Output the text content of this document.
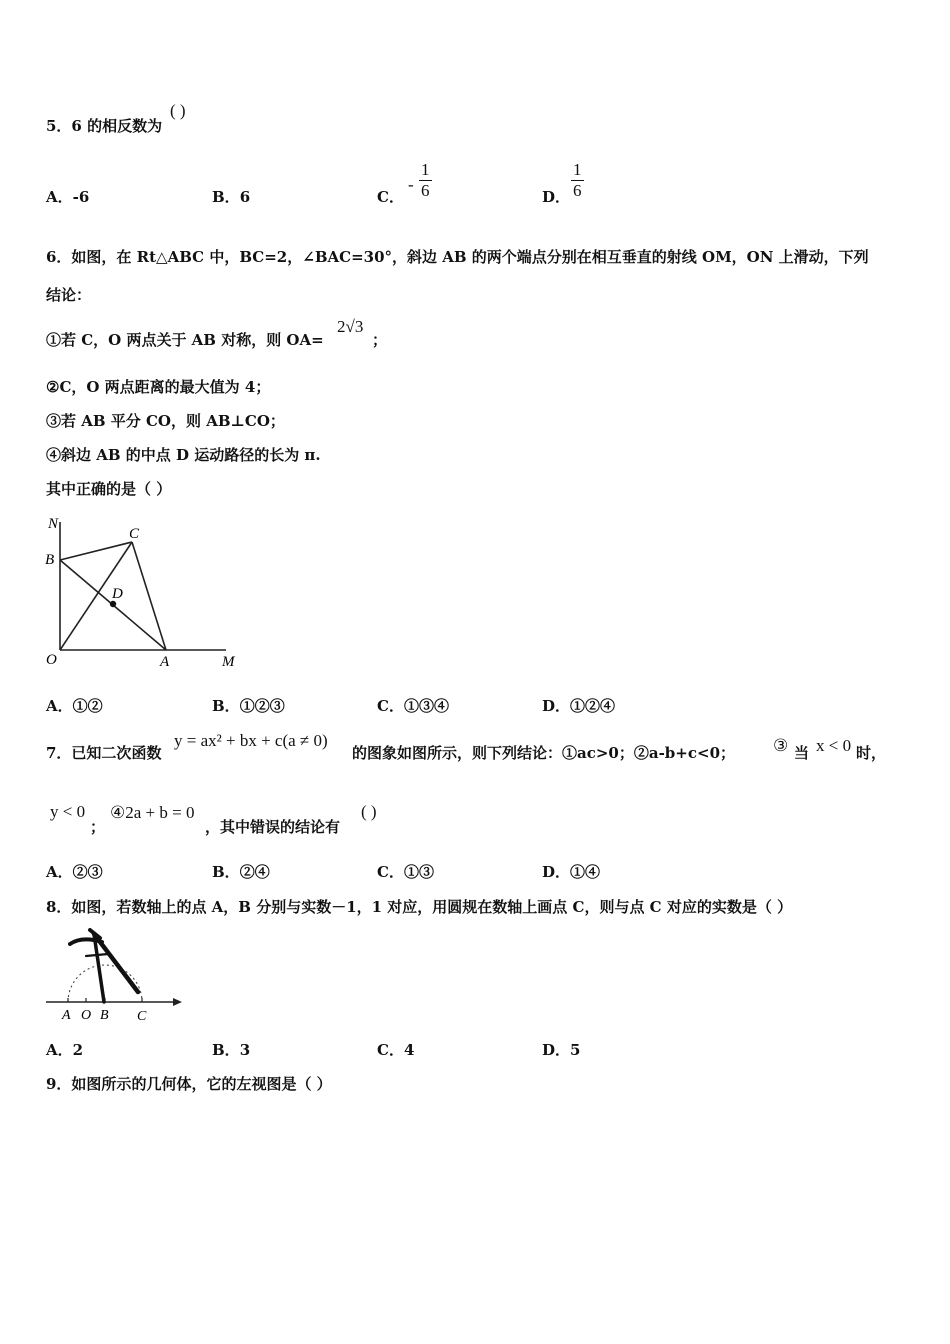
5．6 的相反数为
( )
A．-6	B．6	C．
- $\frac{1}{6}$	D． $\frac{1}{6}$
6．如图，在 Rt△ABC 中，BC=2，∠BAC=30°，斜边 AB 的两个端点分别在相互垂直的射线 OM，ON 上滑动，下列
结论：
①若 C，O 两点关于 AB 对称，则 OA=
2√3
；
②C，O 两点距离的最大值为 4；
③若 AB 平分 CO，则 AB⊥CO；
④斜边 AB 的中点 D 运动路径的长为 π.
其中正确的是（ ）
N
B
C
D
O	A	M
A．①②	B．①②③	C．①③④	D．①②④
7．已知二次函数
y = ax² + bx + c(a ≠ 0)
的图象如图所示，则下列结论：①ac>0；②a-b+c<0； ③ 当 x < 0 时，
y < 0
；
④2a + b = 0
，其中错误的结论有
( )
A．②③	B．②④	C．①③	D．①④
8．如图，若数轴上的点 A，B 分别与实数－1，1 对应，用圆规在数轴上画点 C，则与点 C 对应的实数是（ ）
A O B C
A．2	B．3	C．4	D．5
9．如图所示的几何体，它的左视图是（ ）
